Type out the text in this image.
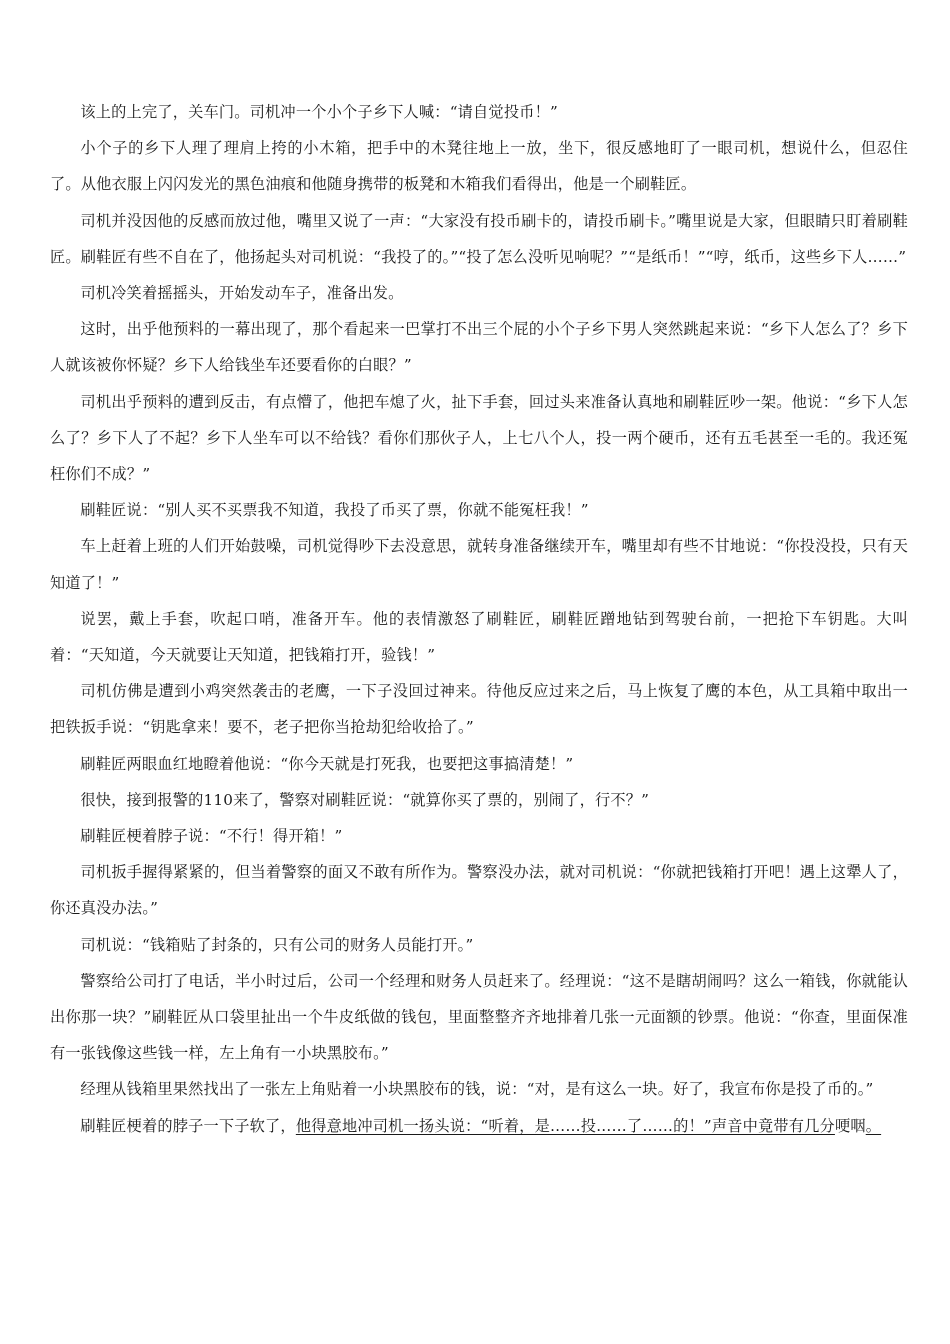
该上的上完了，关车门。司机冲一个小个子乡下人喊：“请自觉投币！”

小个子的乡下人理了理肩上挎的小木箱，把手中的木凳往地上一放，坐下，很反感地盯了一眼司机，想说什么，但忍住了。从他衣服上闪闪发光的黑色油痕和他随身携带的板凳和木箱我们看得出，他是一个刷鞋匠。

司机并没因他的反感而放过他，嘴里又说了一声：“大家没有投币刷卡的，请投币刷卡。”嘴里说是大家，但眼睛只盯着刷鞋匠。刷鞋匠有些不自在了，他扬起头对司机说：“我投了的。”“投了怎么没听见响呢？”“是纸币！”“哼，纸币，这些乡下人……”

司机冷笑着摇摇头，开始发动车子，准备出发。

这时，出乎他预料的一幕出现了，那个看起来一巴掌打不出三个屁的小个子乡下男人突然跳起来说：“乡下人怎么了？乡下人就该被你怀疑？乡下人给钱坐车还要看你的白眼？”

司机出乎预料的遭到反击，有点懵了，他把车熄了火，扯下手套，回过头来准备认真地和刷鞋匠吵一架。他说：“乡下人怎么了？乡下人了不起？乡下人坐车可以不给钱？看你们那伙子人，上七八个人，投一两个硬币，还有五毛甚至一毛的。我还冤枉你们不成？”

刷鞋匠说：“别人买不买票我不知道，我投了币买了票，你就不能冤枉我！”

车上赶着上班的人们开始鼓噪，司机觉得吵下去没意思，就转身准备继续开车，嘴里却有些不甘地说：“你投没投，只有天知道了！”

说罢，戴上手套，吹起口哨，准备开车。他的表情激怒了刷鞋匠，刷鞋匠蹭地钻到驾驶台前，一把抢下车钥匙。大叫着：“天知道，今天就要让天知道，把钱箱打开，验钱！”

司机仿佛是遭到小鸡突然袭击的老鹰，一下子没回过神来。待他反应过来之后，马上恢复了鹰的本色，从工具箱中取出一把铁扳手说：“钥匙拿来！要不，老子把你当抢劫犯给收拾了。”

刷鞋匠两眼血红地瞪着他说：“你今天就是打死我，也要把这事搞清楚！”

很快，接到报警的110来了，警察对刷鞋匠说：“就算你买了票的，别闹了，行不？”

刷鞋匠梗着脖子说：“不行！得开箱！”

司机扳手握得紧紧的，但当着警察的面又不敢有所作为。警察没办法，就对司机说：“你就把钱箱打开吧！遇上这犟人了，你还真没办法。”

司机说：“钱箱贴了封条的，只有公司的财务人员能打开。”

警察给公司打了电话，半小时过后，公司一个经理和财务人员赶来了。经理说：“这不是瞎胡闹吗？这么一箱钱，你就能认出你那一块？”刷鞋匠从口袋里扯出一个牛皮纸做的钱包，里面整整齐齐地排着几张一元面额的钞票。他说：“你查，里面保准有一张钱像这些钱一样，左上角有一小块黑胶布。”

经理从钱箱里果然找出了一张左上角贴着一小块黑胶布的钱，说：“对，是有这么一块。好了，我宣布你是投了币的。”

刷鞋匠梗着的脖子一下子软了，他得意地冲司机一扬头说：“听着，是……投……了……的！”声音中竟带有几分哽咽。
